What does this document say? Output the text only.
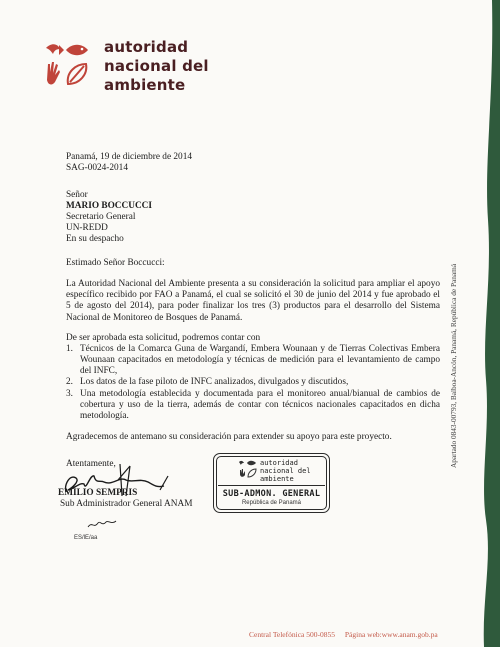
autoridad
nacional del
ambiente
Panamá, 19 de diciembre de 2014
SAG-0024-2014
Señor
MARIO BOCCUCCI
Secretario General
UN-REDD
En su despacho
Estimado Señor Boccucci:
La Autoridad Nacional del Ambiente presenta a su consideración la solicitud para ampliar el apoyo específico recibido por FAO a Panamá, el cual se solicitó el 30 de junio del 2014 y fue aprobado el 5 de agosto del 2014), para poder finalizar los tres (3) productos para el desarrollo del Sistema Nacional de Monitoreo de Bosques de Panamá.
De ser aprobada esta solicitud, podremos contar con
1. Técnicos de la Comarca Guna de Wargandí, Embera Wounaan y de Tierras Colectivas Embera Wounaan capacitados en metodología y técnicas de medición para el levantamiento de campo del INFC,
2. Los datos de la fase piloto de INFC analizados, divulgados y discutidos,
3. Una metodología establecida y documentada para el monitoreo anual/bianual de cambios de cobertura y uso de la tierra, además de contar con técnicos nacionales capacitados en dicha metodología.
Agradecemos de antemano su consideración para extender su apoyo para este proyecto.
Atentamente,
EMILIO SEMPRIS
Sub Administrador General ANAM
ES/lE/aa
autoridad
nacional del
ambiente
SUB-ADMON. GENERAL
República de Panamá
Apartado 0843-00793, Balboa-Ancón, Panamá, República de Panamá
Central Telefónica 500-0855 Página web:www.anam.gob.pa
